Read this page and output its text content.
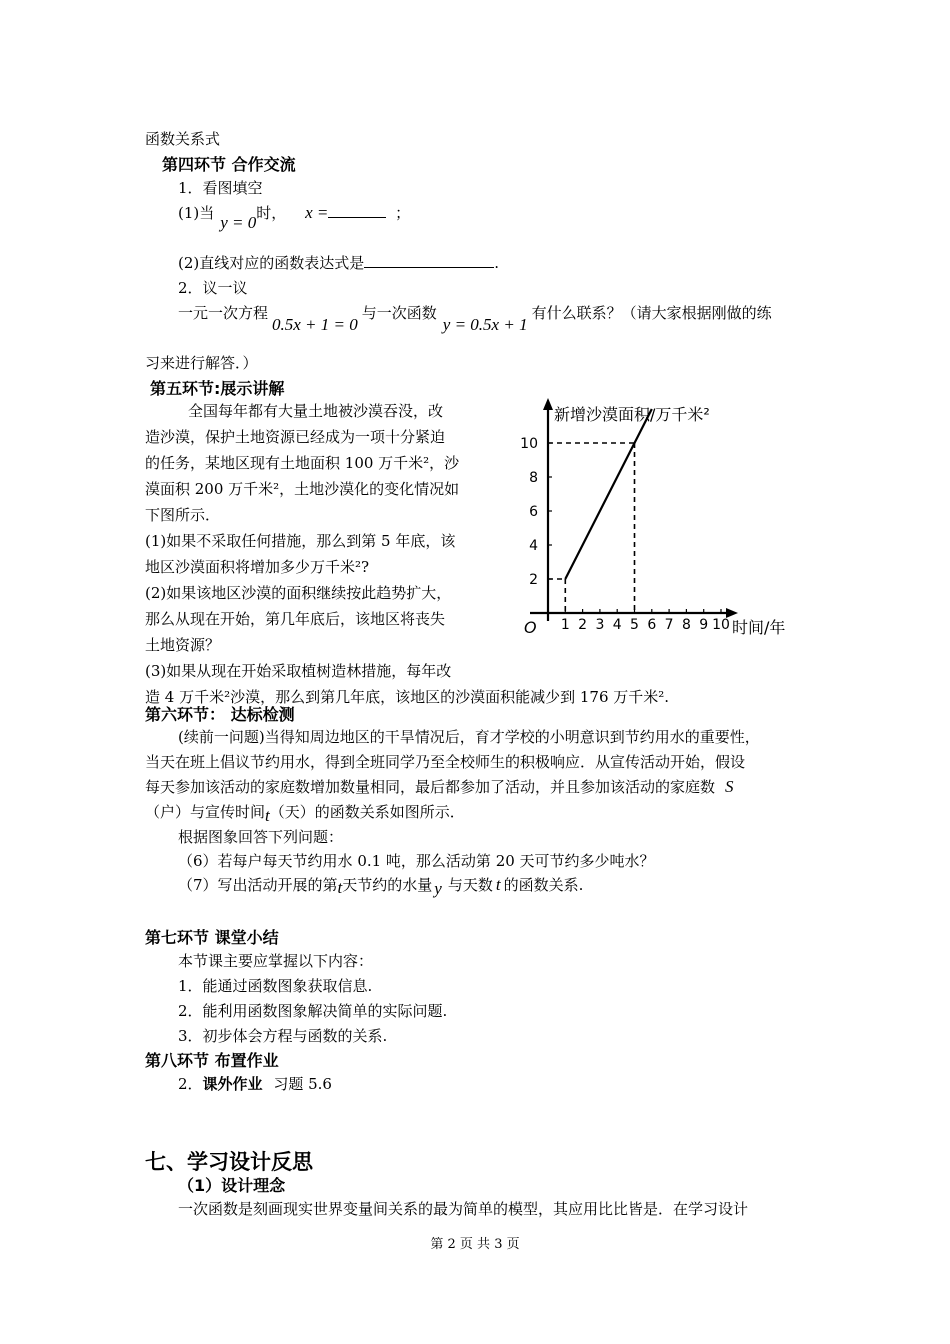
函数关系式
第四环节 合作交流
1．看图填空
(1)当 y = 0时， x =	；
(2)直线对应的函数表达式是	.
2．议一议
一元一次方程0.5x + 1 = 0与一次函数y = 0.5x + 1有什么联系？（请大家根据刚做的练
习来进行解答．）
第五环节:展示讲解
全国每年都有大量土地被沙漠吞没，改
造沙漠，保护土地资源已经成为一项十分紧迫
的任务，某地区现有土地面积 100 万千米²，沙
漠面积 200 万千米²，土地沙漠化的变化情况如
下图所示．
(1)如果不采取任何措施，那么到第 5 年底，该
地区沙漠面积将增加多少万千米²?
(2)如果该地区沙漠的面积继续按此趋势扩大，
那么从现在开始，第几年底后，该地区将丧失
土地资源？
(3)如果从现在开始采取植树造林措施，每年改
造 4 万千米²沙漠，那么到第几年底，该地区的沙漠面积能减少到 176 万千米².
新增沙漠面积/万千米²
时间/年
O 1 2 3 4 5 6 7 8 9 10
2
4
6
8
10
第六环节： 达标检测
(续前一问题)当得知周边地区的干旱情况后，育才学校的小明意识到节约用水的重要性，
当天在班上倡议节约用水，得到全班同学乃至全校师生的积极响应．从宣传活动开始，假设
每天参加该活动的家庭数增加数量相同，最后都参加了活动，并且参加该活动的家庭数 S
（户）与宣传时间t（天）的函数关系如图所示．
根据图象回答下列问题：
（6）若每户每天节约用水 0.1 吨，那么活动第 20 天可节约多少吨水？
（7）写出活动开展的第t天节约的水量 y 与天数 t 的函数关系.
第七环节 课堂小结
本节课主要应掌握以下内容：
1．能通过函数图象获取信息.
2．能利用函数图象解决简单的实际问题.
3．初步体会方程与函数的关系.
第八环节 布置作业
2．课外作业 习题 5.6
七、学习设计反思
（1）设计理念
一次函数是刻画现实世界变量间关系的最为简单的模型，其应用比比皆是．在学习设计
第 2 页 共 3 页
